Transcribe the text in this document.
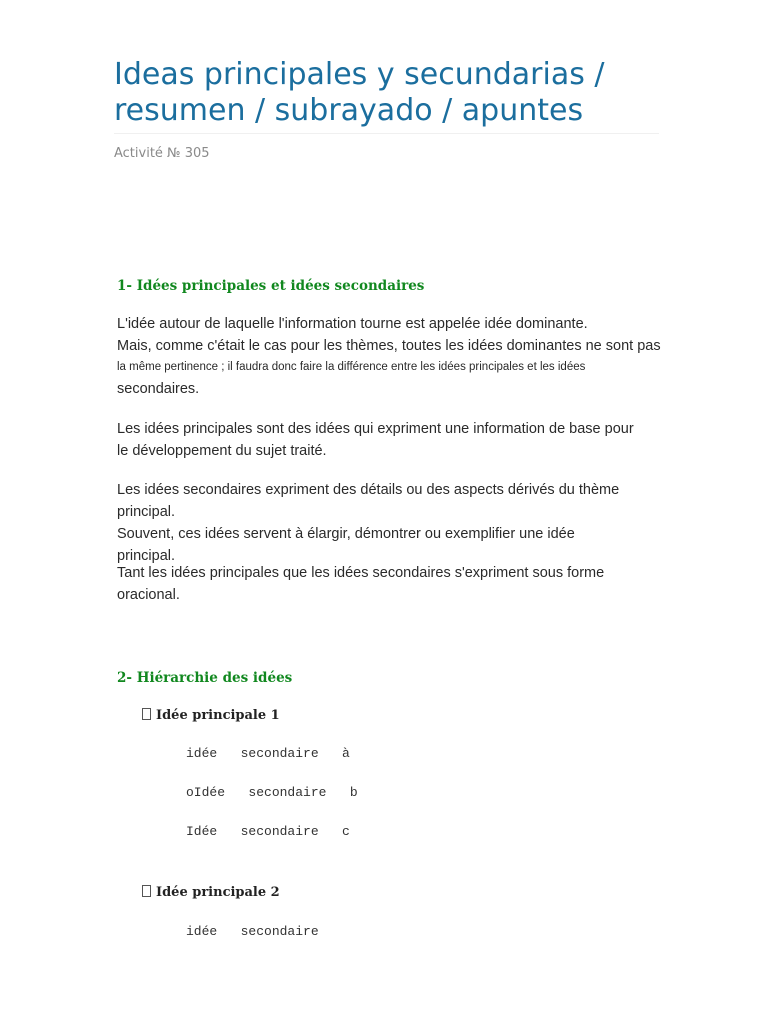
Ideas principales y secundarias / resumen / subrayado / apuntes
Activité № 305
1- Idées principales et idées secondaires

L'idée autour de laquelle l'information tourne est appelée idée dominante.
Mais, comme c'était le cas pour les thèmes, toutes les idées dominantes ne sont pas
la même pertinence ; il faudra donc faire la différence entre les idées principales et les idées
secondaires.

Les idées principales sont des idées qui expriment une information de base pour le développement du sujet traité.

Les idées secondaires expriment des détails ou des aspects dérivés du thème principal.
Souvent, ces idées servent à élargir, démontrer ou exemplifier une idée
principal.

Tant les idées principales que les idées secondaires s'expriment sous forme oracional.

2- Hiérarchie des idées
Idée principale 1
idée   secondaire   à
oIdée   secondaire   b
Idée   secondaire   c
Idée principale 2
idée   secondaire
